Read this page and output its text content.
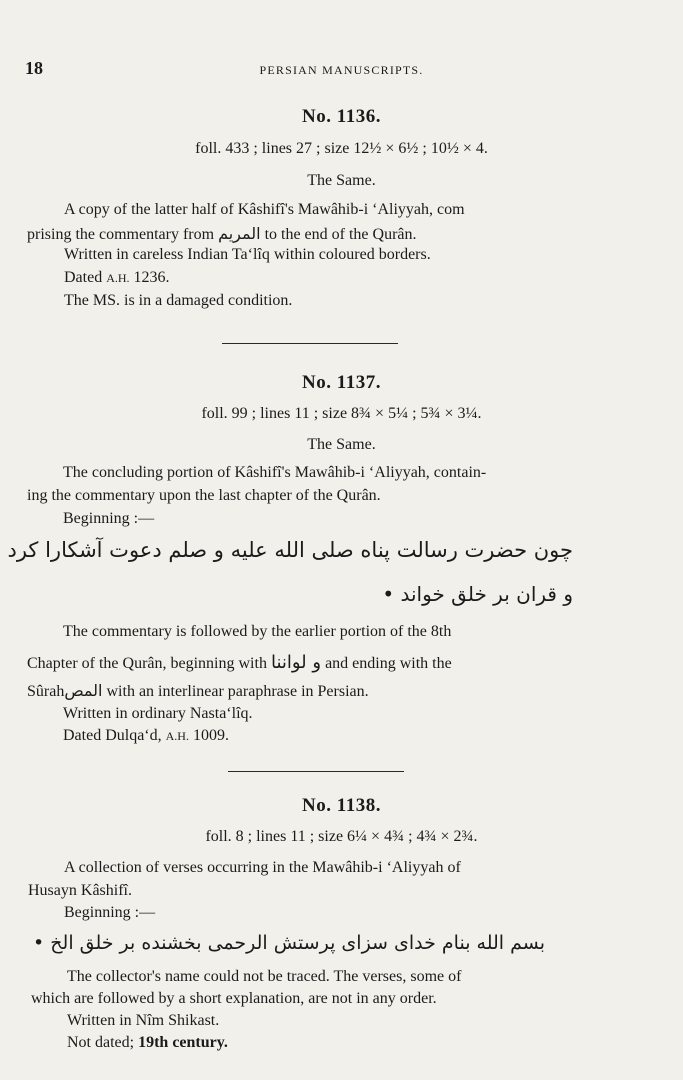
18	PERSIAN MANUSCRIPTS.
No. 1136.
foll. 433 ; lines 27 ; size 12½ × 6½ ; 10½ × 4.
The Same.
A copy of the latter half of Kâshifî's Mawâhib-i ‘Aliyyah, com
prising the commentary from المريم to the end of the Qurân.
Written in careless Indian Ta‘lîq within coloured borders.
Dated A.H. 1236.
The MS. is in a damaged condition.
No. 1137.
foll. 99 ; lines 11 ; size 8¾ × 5¼ ; 5¾ × 3¼.
The Same.
The concluding portion of Kâshifî's Mawâhib-i ‘Aliyyah, contain-
ing the commentary upon the last chapter of the Qurân.
Beginning :—
چون حضرت رسالت پناه صلی الله علیه و صلم دعوت آشکارا کرد
و قران بر خلق خواند •
The commentary is followed by the earlier portion of the 8th
Chapter of the Qurân, beginning with و لواننا and ending with the
Sûrahالمص with an interlinear paraphrase in Persian.
Written in ordinary Nasta‘lîq.
Dated Dulqa‘d, A.H. 1009.
No. 1138.
foll. 8 ; lines 11 ; size 6¼ × 4¾ ; 4¾ × 2¾.
A collection of verses occurring in the Mawâhib-i ‘Aliyyah of
Husayn Kâshifî.
Beginning :—
بسم الله بنام خدای سزای پرستش الرحمی بخشنده بر خلق الخ •
The collector's name could not be traced. The verses, some of
which are followed by a short explanation, are not in any order.
Written in Nîm Shikast.
Not dated; 19th century.
